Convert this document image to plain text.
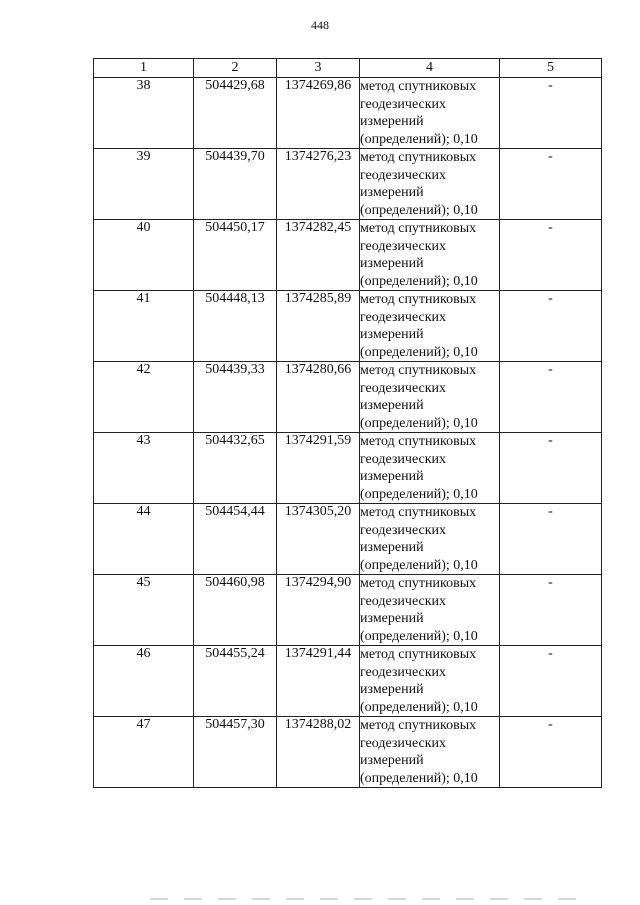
448
1	2	3	4	5
38	504429,68	1374269,86	метод спутниковых
геодезических
измерений
(определений); 0,10	-
39	504439,70	1374276,23	метод спутниковых
геодезических
измерений
(определений); 0,10	-
40	504450,17	1374282,45	метод спутниковых
геодезических
измерений
(определений); 0,10	-
41	504448,13	1374285,89	метод спутниковых
геодезических
измерений
(определений); 0,10	-
42	504439,33	1374280,66	метод спутниковых
геодезических
измерений
(определений); 0,10	-
43	504432,65	1374291,59	метод спутниковых
геодезических
измерений
(определений); 0,10	-
44	504454,44	1374305,20	метод спутниковых
геодезических
измерений
(определений); 0,10	-
45	504460,98	1374294,90	метод спутниковых
геодезических
измерений
(определений); 0,10	-
46	504455,24	1374291,44	метод спутниковых
геодезических
измерений
(определений); 0,10	-
47	504457,30	1374288,02	метод спутниковых
геодезических
измерений
(определений); 0,10	-
